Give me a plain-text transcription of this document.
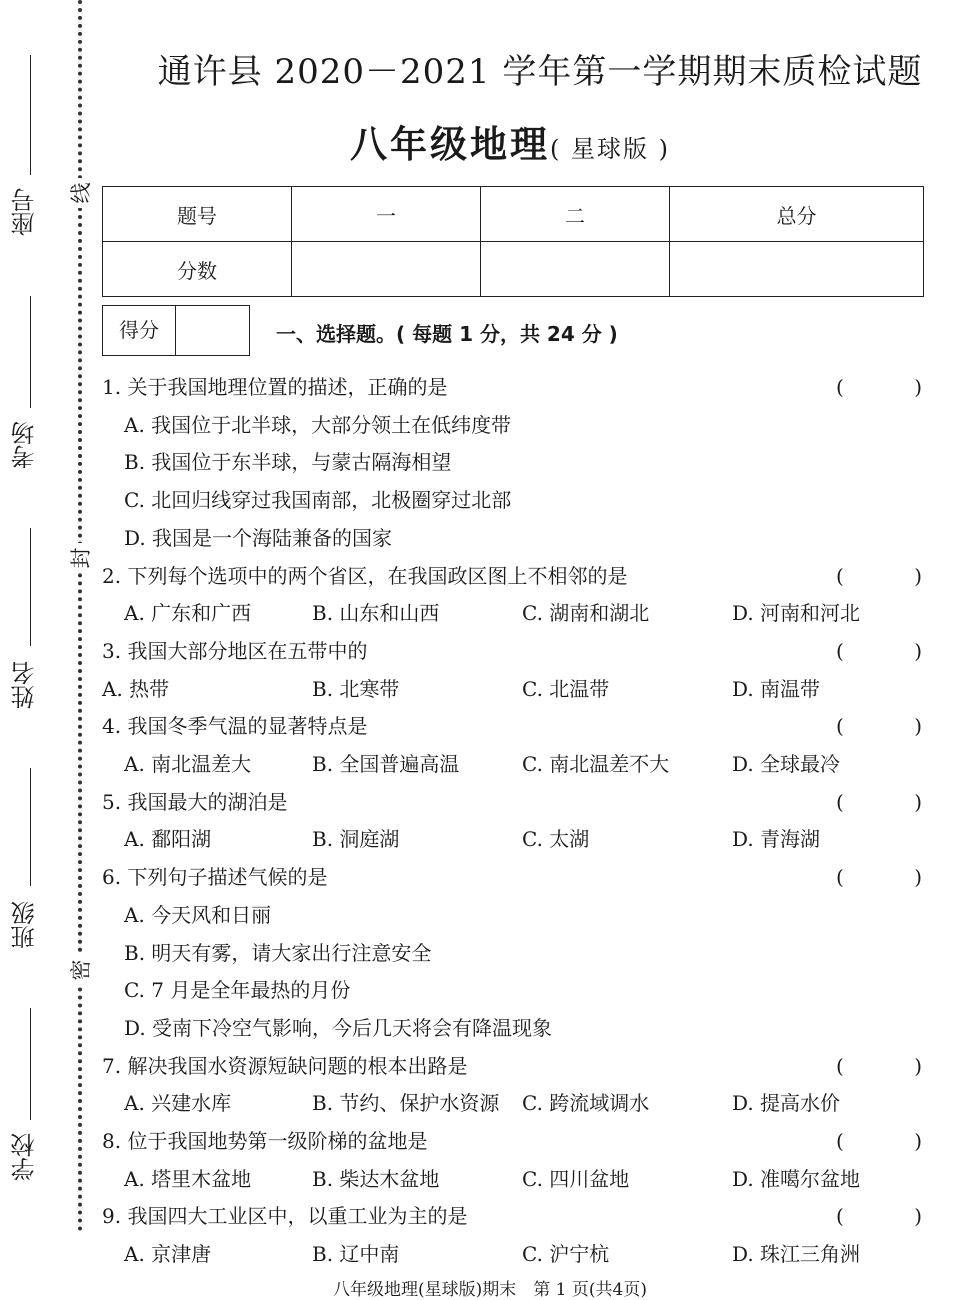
座号
考场
姓名
班级
学校
线
封
密
通许县 2020－2021 学年第一学期期末质检试题
八年级地理( 星球版 )
题号	一	二	总分
分数			
得分	一、选择题。( 每题 1 分，共 24 分 )
1. 关于我国地理位置的描述，正确的是	(	)
A. 我国位于北半球，大部分领土在低纬度带
B. 我国位于东半球，与蒙古隔海相望
C. 北回归线穿过我国南部，北极圈穿过北部
D. 我国是一个海陆兼备的国家
2. 下列每个选项中的两个省区，在我国政区图上不相邻的是	(	)
A. 广东和广西	B. 山东和山西	C. 湖南和湖北	D. 河南和河北
3. 我国大部分地区在五带中的	(	)
A. 热带	B. 北寒带	C. 北温带	D. 南温带
4. 我国冬季气温的显著特点是	(	)
A. 南北温差大	B. 全国普遍高温	C. 南北温差不大	D. 全球最冷
5. 我国最大的湖泊是	(	)
A. 鄱阳湖	B. 洞庭湖	C. 太湖	D. 青海湖
6. 下列句子描述气候的是	(	)
A. 今天风和日丽
B. 明天有雾，请大家出行注意安全
C. 7 月是全年最热的月份
D. 受南下冷空气影响，今后几天将会有降温现象
7. 解决我国水资源短缺问题的根本出路是	(	)
A. 兴建水库	B. 节约、保护水资源 C. 跨流域调水	D. 提高水价
8. 位于我国地势第一级阶梯的盆地是	(	)
A. 塔里木盆地	B. 柴达木盆地	C. 四川盆地	D. 准噶尔盆地
9. 我国四大工业区中，以重工业为主的是	(	)
A. 京津唐	B. 辽中南	C. 沪宁杭	D. 珠江三角洲
八年级地理(星球版)期末　第 1 页(共4页)
